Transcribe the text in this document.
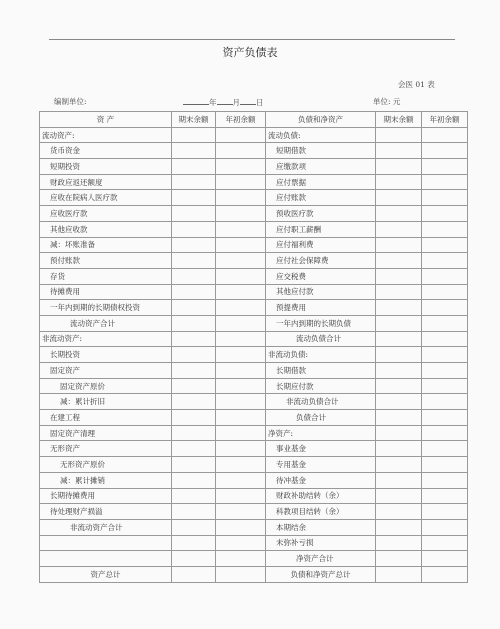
资产负债表
会医 01 表
编制单位:	年 月 日	单位: 元
资 产	期末余额	年初余额	负债和净资产	期末余额	年初余额
流动资产:			流动负债:		
货币资金			短期借款		
短期投资			应缴款项		
财政应返还额度			应付票据		
应收在院病人医疗款			应付账款		
应收医疗款			预收医疗款		
其他应收款			应付职工薪酬		
减：坏账准备			应付福利费		
预付账款			应付社会保障费		
存货			应交税费		
待摊费用			其他应付款		
一年内到期的长期债权投资			预提费用		
流动资产合计			一年内到期的长期负债		
非流动资产:			流动负债合计		
长期投资			非流动负债:		
固定资产			长期借款		
固定资产原价			长期应付款		
减：累计折旧			非流动负债合计		
在建工程			负债合计		
固定资产清理			净资产:		
无形资产			事业基金		
无形资产原价			专用基金		
减：累计摊销			待冲基金		
长期待摊费用			财政补助结转（余）		
待处理财产损溢			科教项目结转（余）		
非流动资产合计			本期结余		
			未弥补亏损		
			净资产合计		
资产总计			负债和净资产总计		
